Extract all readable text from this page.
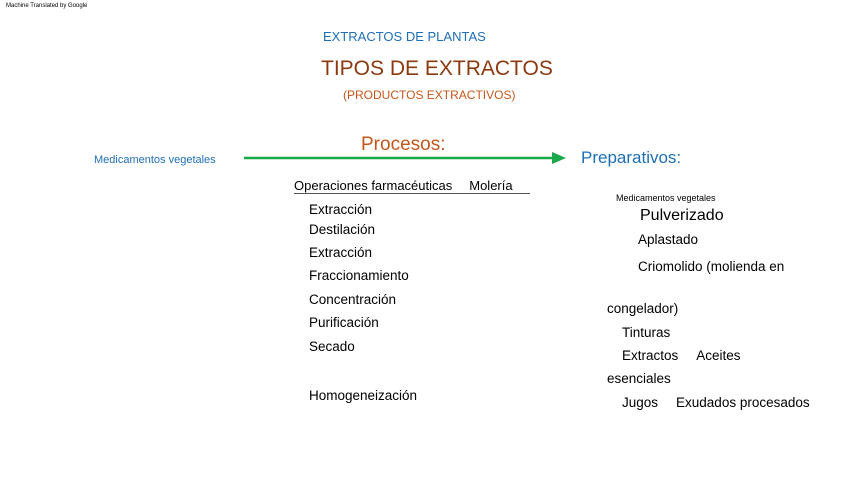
Machine Translated by Google
EXTRACTOS DE PLANTAS
TIPOS DE EXTRACTOS
(PRODUCTOS EXTRACTIVOS)
Medicamentos vegetales
Procesos:
Preparativos:
Operaciones farmacéuticas Molería
Extracción
Destilación
Extracción
Fraccionamiento
Concentración
Purificación
Secado
Homogeneización
Medicamentos vegetales
Pulverizado
Aplastado
Criomolido (molienda en
congelador)
Tinturas
Extractos Aceites
esenciales
Jugos Exudados procesados
